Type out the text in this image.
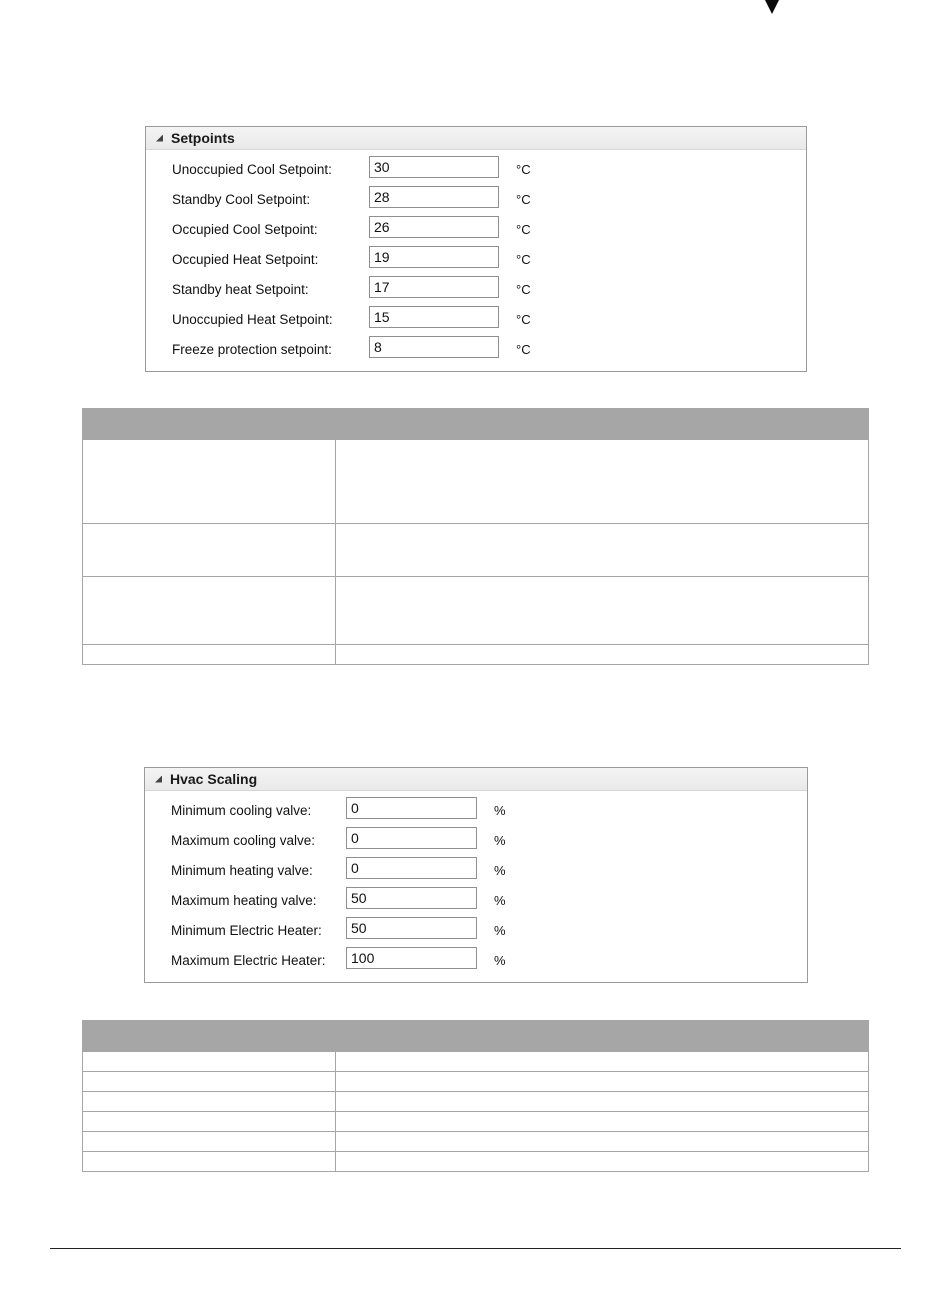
Setpoints
Unoccupied Cool Setpoint:
30	°C
Standby Cool Setpoint:
28	°C
Occupied Cool Setpoint:
26	°C
Occupied Heat Setpoint:
19	°C
Standby heat Setpoint:
17	°C
Unoccupied Heat Setpoint:
15	°C
Freeze protection setpoint:
8	°C

Hvac Scaling
Minimum cooling valve:
0	%
Maximum cooling valve:
0	%
Minimum heating valve:
0	%
Maximum heating valve:
50	%
Minimum Electric Heater:
50	%
Maximum Electric Heater:
100	%
